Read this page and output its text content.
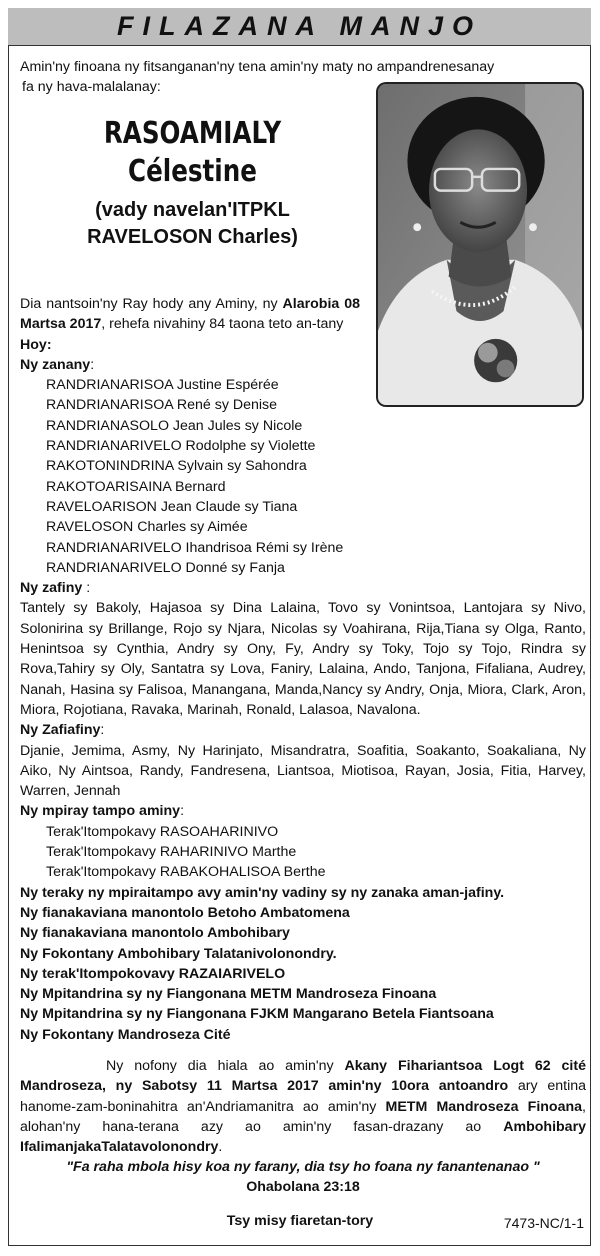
FILAZANA MANJO
Amin'ny finoana ny fitsanganan'ny tena amin'ny maty no ampandrenesanay
fa ny hava-malalanay:
RASOAMIALY
Célestine
(vady navelan'ITPKL
RAVELOSON Charles)

Dia nantsoin'ny Ray hody any Aminy, ny Alarobia 08 Martsa 2017, rehefa nivahiny 84 taona teto an-tany

Hoy:

Ny zanany:

RANDRIANARISOA Justine Espérée

RANDRIANARISOA René sy Denise

RANDRIANASOLO Jean Jules sy Nicole

RANDRIANARIVELO Rodolphe sy Violette

RAKOTONINDRINA Sylvain sy Sahondra

RAKOTOARISAINA Bernard

RAVELOARISON Jean Claude sy Tiana

RAVELOSON Charles sy Aimée

RANDRIANARIVELO Ihandrisoa Rémi sy Irène

RANDRIANARIVELO Donné sy Fanja

Ny zafiny :

Tantely sy Bakoly, Hajasoa sy Dina Lalaina, Tovo sy Vonintsoa, Lantojara sy Nivo, Solonirina sy Brillange, Rojo sy Njara, Nicolas sy Voahirana, Rija,Tiana sy Olga, Ranto, Henintsoa sy Cynthia, Andry sy Ony, Fy, Andry sy Toky, Tojo sy Tojo, Rindra sy Rova,Tahiry sy Oly, Santatra sy Lova, Faniry, Lalaina, Ando, Tanjona, Fifaliana, Audrey, Nanah, Hasina sy Falisoa, Manangana, Manda,Nancy sy Andry, Onja, Miora, Clark, Aron, Miora, Rojotiana, Ravaka, Marinah, Ronald, Lalasoa, Navalona.

Ny Zafiafiny:

Djanie, Jemima, Asmy, Ny Harinjato, Misandratra, Soafitia, Soakanto, Soakaliana, Ny Aiko, Ny Aintsoa, Randy, Fandresena, Liantsoa, Miotisoa, Rayan, Josia, Fitia, Harvey, Warren, Jennah

Ny mpiray tampo aminy:

Terak'Itompokavy RASOAHARINIVO

Terak'Itompokavy RAHARINIVO Marthe

Terak'Itompokavy RABAKOHALISOA Berthe

Ny teraky ny mpiraitampo avy amin'ny vadiny sy ny zanaka aman-jafiny.

Ny fianakaviana manontolo Betoho Ambatomena

Ny fianakaviana manontolo Ambohibary

Ny Fokontany Ambohibary Talatanivolonondry.

Ny terak'Itompokovavy RAZAIARIVELO

Ny Mpitandrina sy ny Fiangonana METM Mandroseza Finoana

Ny Mpitandrina sy ny Fiangonana FJKM Mangarano Betela Fiantsoana

Ny Fokontany Mandroseza Cité

Ny nofony dia hiala ao amin'ny Akany Fihariantsoa Logt 62 cité Mandroseza, ny Sabotsy 11 Martsa 2017 amin'ny 10ora antoandro ary entina hanome-zam-boninahitra an'Andriamanitra ao amin'ny METM Mandroseza Finoana, alohan'ny hana-terana azy ao amin'ny fasan-drazany ao Ambohibary IfalimanjakaTalatavolonondry.

"Fa raha mbola hisy koa ny farany, dia tsy ho foana ny fanantenanao "
Ohabolana 23:18
Tsy misy fiaretan-tory	7473-NC/1-1
